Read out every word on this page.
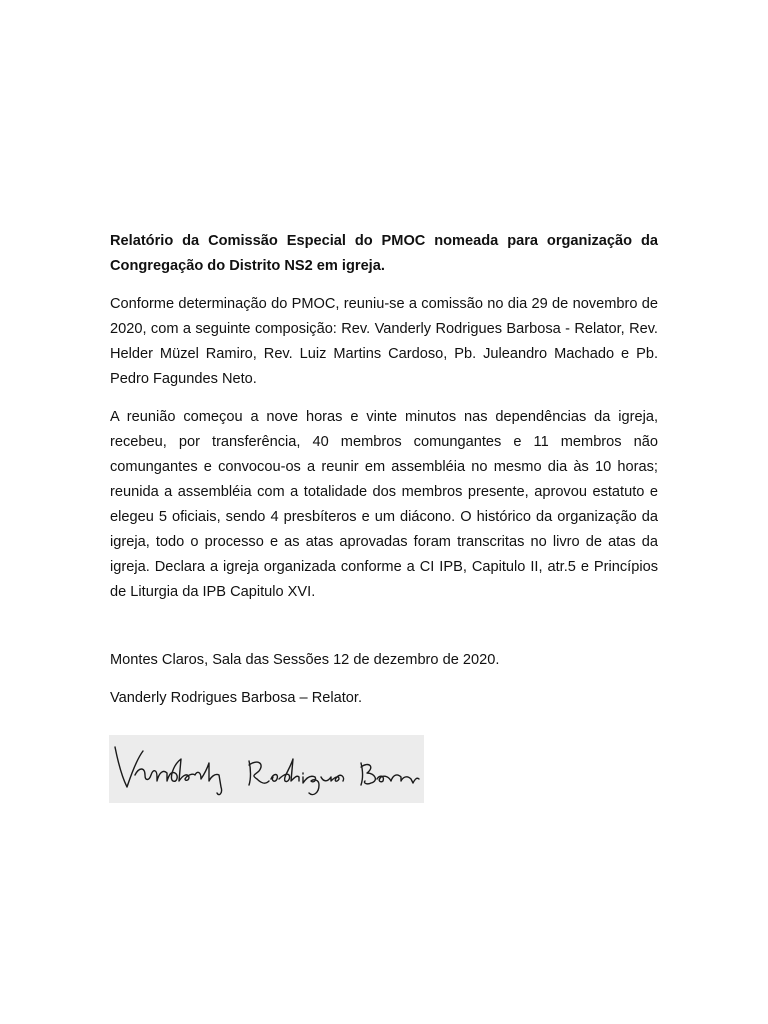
Relatório da Comissão Especial do PMOC nomeada para organização da Congregação do Distrito NS2 em igreja.

Conforme determinação do PMOC, reuniu-se a comissão no dia 29 de novembro de 2020, com a seguinte composição: Rev. Vanderly Rodrigues Barbosa - Relator, Rev. Helder Müzel Ramiro, Rev. Luiz Martins Cardoso, Pb. Juleandro Machado e Pb. Pedro Fagundes Neto.

A reunião começou a nove horas e vinte minutos nas dependências da igreja, recebeu, por transferência, 40 membros comungantes e 11 membros não comungantes e convocou-os a reunir em assembléia no mesmo dia às 10 horas; reunida a assembléia com a totalidade dos membros presente, aprovou estatuto e elegeu 5 oficiais, sendo 4 presbíteros e um diácono. O histórico da organização da igreja, todo o processo e as atas aprovadas foram transcritas no livro de atas da igreja. Declara a igreja organizada conforme a CI IPB, Capitulo II, atr.5 e Princípios de Liturgia da IPB Capitulo XVI.

Montes Claros, Sala das Sessões 12 de dezembro de 2020.

Vanderly Rodrigues Barbosa – Relator.
